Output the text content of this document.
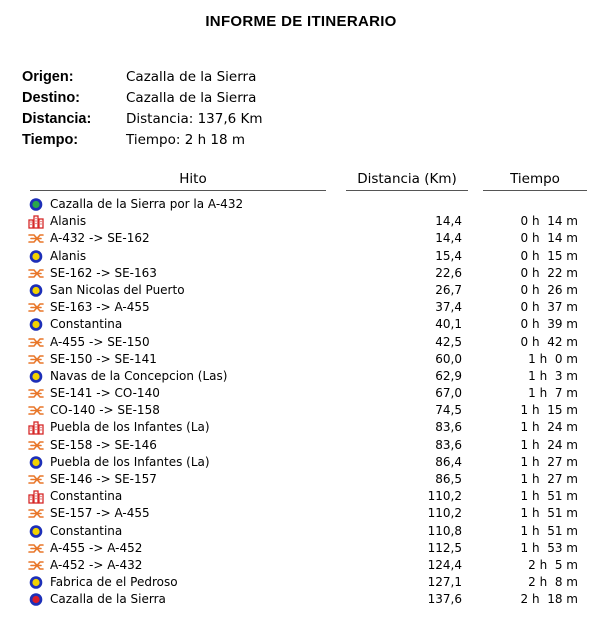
INFORME DE ITINERARIO
Origen:	Cazalla de la Sierra
Destino:	Cazalla de la Sierra
Distancia:	Distancia: 137,6 Km
Tiempo:	Tiempo: 2 h 18 m
Hito	Distancia (Km)	Tiempo
Cazalla de la Sierra por la A-432
Alanis	14,4	0 h  14 m
A-432 -> SE-162	14,4	0 h  14 m
Alanis	15,4	0 h  15 m
SE-162 -> SE-163	22,6	0 h  22 m
San Nicolas del Puerto	26,7	0 h  26 m
SE-163 -> A-455	37,4	0 h  37 m
Constantina	40,1	0 h  39 m
A-455 -> SE-150	42,5	0 h  42 m
SE-150 -> SE-141	60,0	1 h  0 m
Navas de la Concepcion (Las)	62,9	1 h  3 m
SE-141 -> CO-140	67,0	1 h  7 m
CO-140 -> SE-158	74,5	1 h  15 m
Puebla de los Infantes (La)	83,6	1 h  24 m
SE-158 -> SE-146	83,6	1 h  24 m
Puebla de los Infantes (La)	86,4	1 h  27 m
SE-146 -> SE-157	86,5	1 h  27 m
Constantina	110,2	1 h  51 m
SE-157 -> A-455	110,2	1 h  51 m
Constantina	110,8	1 h  51 m
A-455 -> A-452	112,5	1 h  53 m
A-452 -> A-432	124,4	2 h  5 m
Fabrica de el Pedroso	127,1	2 h  8 m
Cazalla de la Sierra	137,6	2 h  18 m
